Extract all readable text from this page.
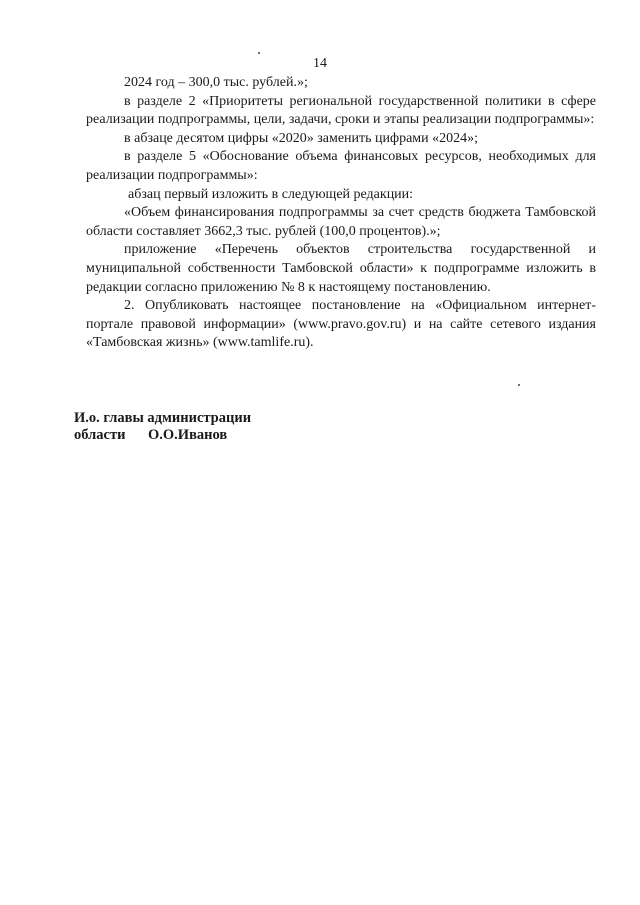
14

2024 год – 300,0 тыс. рублей.»;

в разделе 2 «Приоритеты региональной государственной политики в сфере реализации подпрограммы, цели, задачи, сроки и этапы реализации подпрограммы»:

в абзаце десятом цифры «2020» заменить цифрами «2024»;

в разделе 5 «Обоснование объема финансовых ресурсов, необходимых для реализации подпрограммы»:

абзац первый изложить в следующей редакции:

«Объем финансирования подпрограммы за счет средств бюджета Тамбовской области составляет 3662,3 тыс. рублей (100,0 процентов).»;

приложение «Перечень объектов строительства государственной и муниципальной собственности Тамбовской области» к подпрограмме изложить в редакции согласно приложению № 8 к настоящему постановлению.

2. Опубликовать настоящее постановление на «Официальном интернет-портале правовой информации» (www.pravo.gov.ru) и на сайте сетевого издания «Тамбовская жизнь» (www.tamlife.ru).

И.о. главы администрации
области	О.О.Иванов
